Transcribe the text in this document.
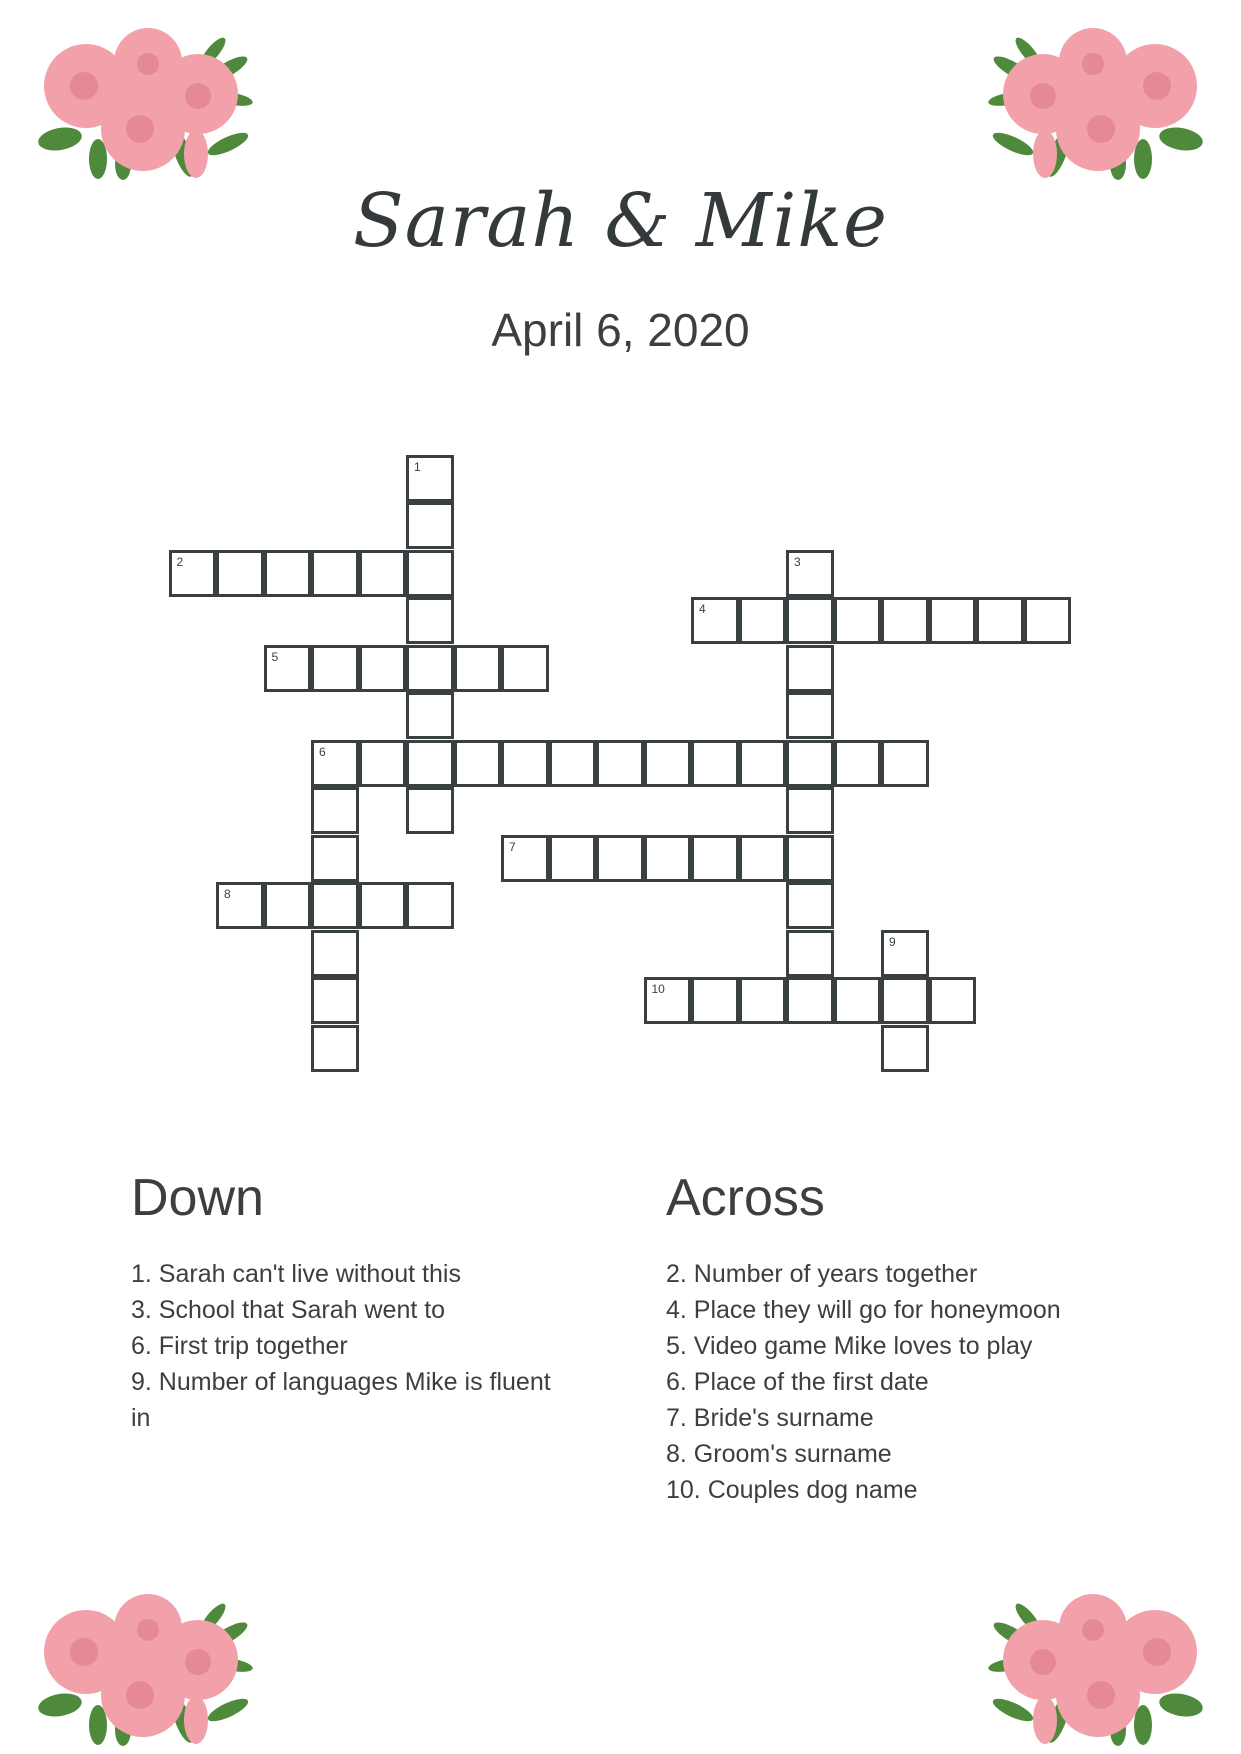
Sarah & Mike
April 6, 2020
1
2	3
4
5
6
7
8
9
10
Down
1. Sarah can't live without this
3. School that Sarah went to
6. First trip together
9. Number of languages Mike is fluent in
Across
2. Number of years together
4. Place they will go for honeymoon
5. Video game Mike loves to play
6. Place of the first date
7. Bride's surname
8. Groom's surname
10. Couples dog name
